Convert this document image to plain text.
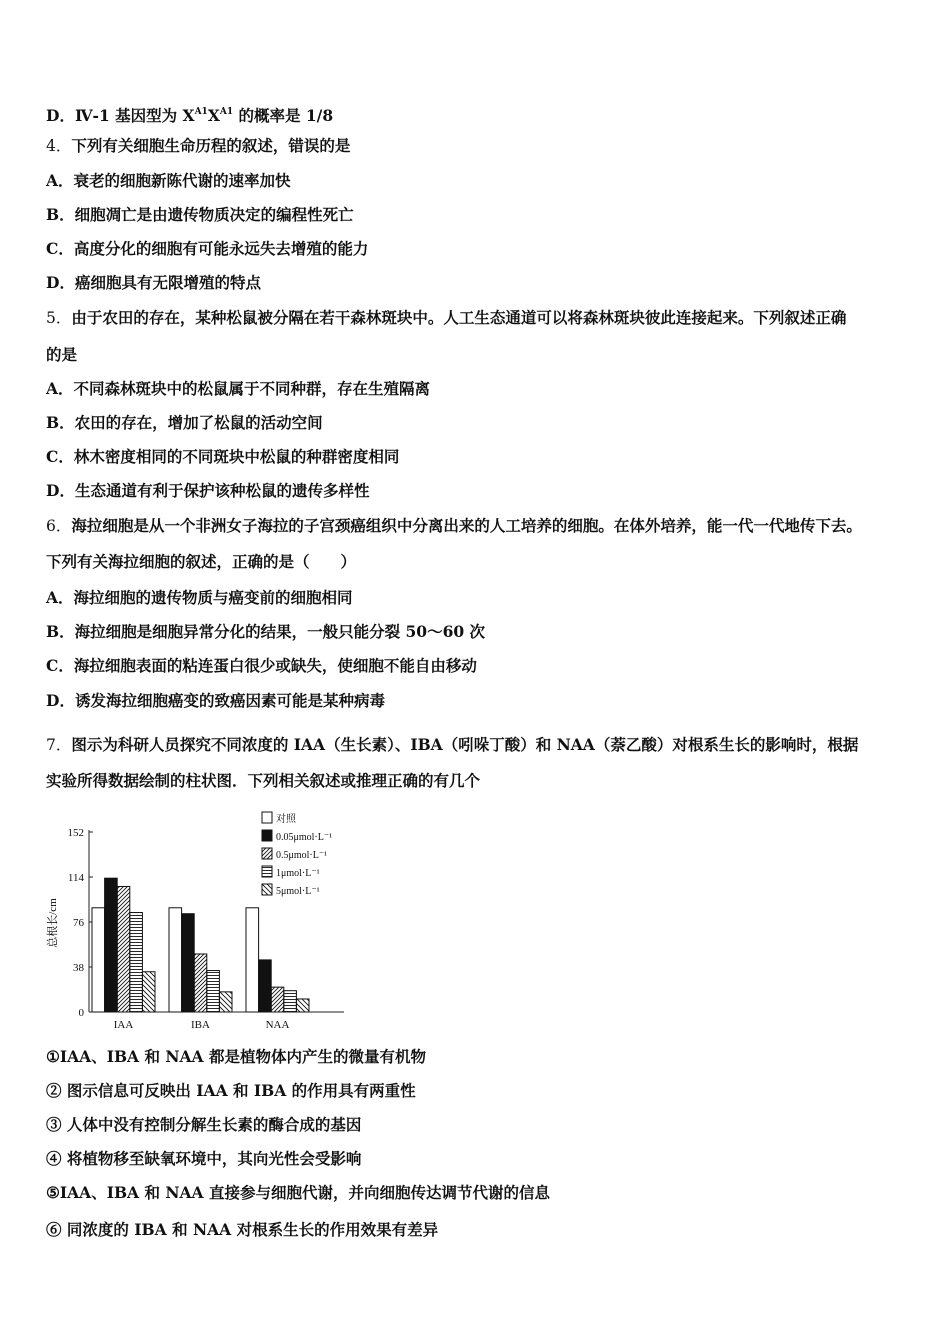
D．Ⅳ-1 基因型为 $X^{A1}X^{A1}$ 的概率是 1/8
4．下列有关细胞生命历程的叙述，错误的是
A．衰老的细胞新陈代谢的速率加快
B．细胞凋亡是由遗传物质决定的编程性死亡
C．高度分化的细胞有可能永远失去增殖的能力
D．癌细胞具有无限增殖的特点
5．由于农田的存在，某种松鼠被分隔在若干森林斑块中。人工生态通道可以将森林斑块彼此连接起来。下列叙述正确
的是
A．不同森林斑块中的松鼠属于不同种群，存在生殖隔离
B．农田的存在，增加了松鼠的活动空间
C．林木密度相同的不同斑块中松鼠的种群密度相同
D．生态通道有利于保护该种松鼠的遗传多样性
6．海拉细胞是从一个非洲女子海拉的子宫颈癌组织中分离出来的人工培养的细胞。在体外培养，能一代一代地传下去。
下列有关海拉细胞的叙述，正确的是（　　）
A．海拉细胞的遗传物质与癌变前的细胞相同
B．海拉细胞是细胞异常分化的结果，一般只能分裂 50～60 次
C．海拉细胞表面的粘连蛋白很少或缺失，使细胞不能自由移动
D．诱发海拉细胞癌变的致癌因素可能是某种病毒
7．图示为科研人员探究不同浓度的 IAA（生长素）、IBA（吲哚丁酸）和 NAA（萘乙酸）对根系生长的影响时，根据
实验所得数据绘制的柱状图．下列相关叙述或推理正确的有几个
总根长/cm
0
38
76
114
152
IAA	IBA	NAA
对照
0.05μmol·L⁻¹
0.5μmol·L⁻¹
1μmol·L⁻¹
5μmol·L⁻¹
①IAA、IBA 和 NAA 都是植物体内产生的微量有机物
② 图示信息可反映出 IAA 和 IBA 的作用具有两重性
③ 人体中没有控制分解生长素的酶合成的基因
④ 将植物移至缺氧环境中，其向光性会受影响
⑤IAA、IBA 和 NAA 直接参与细胞代谢，并向细胞传达调节代谢的信息
⑥ 同浓度的 IBA 和 NAA 对根系生长的作用效果有差异
